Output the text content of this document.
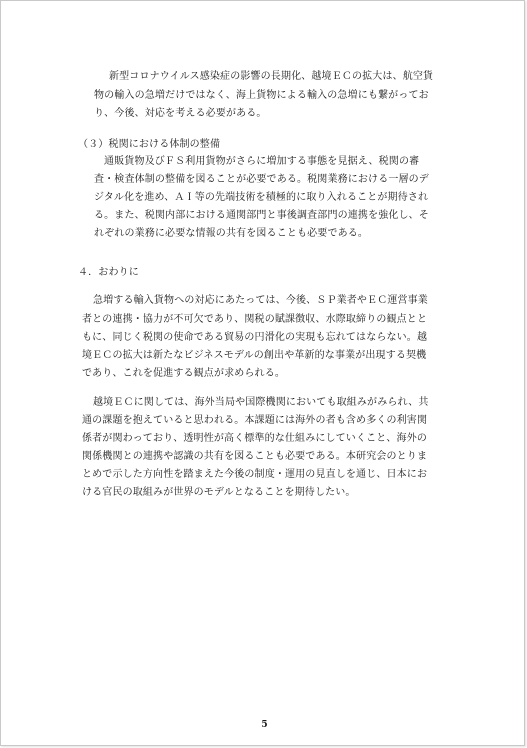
新型コロナウイルス感染症の影響の長期化、越境ＥＣの拡大は、航空貨
物の輸入の急増だけではなく、海上貨物による輸入の急増にも繋がってお
り、今後、対応を考える必要がある。
（３）税関における体制の整備
通販貨物及びＦＳ利用貨物がさらに増加する事態を見据え、税関の審
査・検査体制の整備を図ることが必要である。税関業務における一層のデ
ジタル化を進め、ＡＩ等の先端技術を積極的に取り入れることが期待され
る。また、税関内部における通関部門と事後調査部門の連携を強化し、そ
れぞれの業務に必要な情報の共有を図ることも必要である。
４．おわりに
急増する輸入貨物への対応にあたっては、今後、ＳＰ業者やＥＣ運営事業
者との連携・協力が不可欠であり、関税の賦課徴収、水際取締りの観点とと
もに、同じく税関の使命である貿易の円滑化の実現も忘れてはならない。越
境ＥＣの拡大は新たなビジネスモデルの創出や革新的な事業が出現する契機
であり、これを促進する観点が求められる。
越境ＥＣに関しては、海外当局や国際機関においても取組みがみられ、共
通の課題を抱えていると思われる。本課題には海外の者も含め多くの利害関
係者が関わっており、透明性が高く標準的な仕組みにしていくこと、海外の
関係機関との連携や認識の共有を図ることも必要である。本研究会のとりま
とめで示した方向性を踏まえた今後の制度・運用の見直しを通じ、日本にお
ける官民の取組みが世界のモデルとなることを期待したい。
5
